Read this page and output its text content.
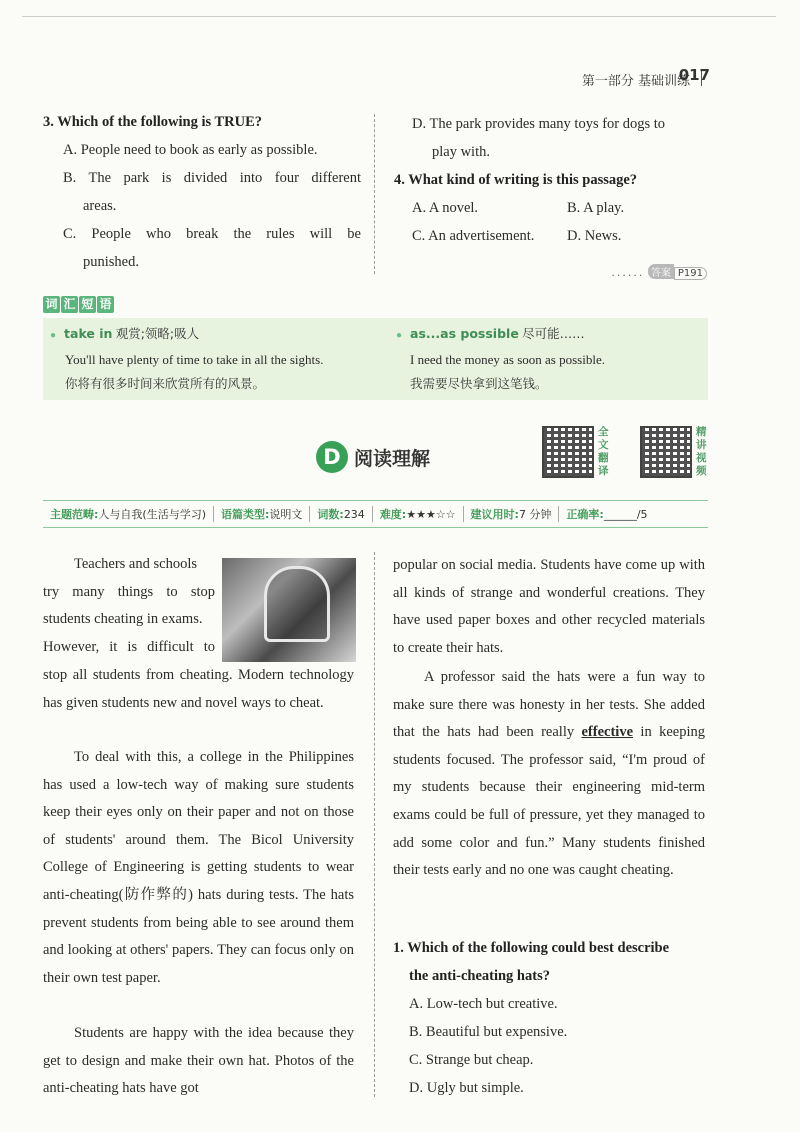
第一部分 基础训练
017
3. Which of the following is TRUE?
A. People need to book as early as possible.
B. The park is divided into four different
areas.
C. People who break the rules will be
punished.
D. The park provides many toys for dogs to
play with.
4. What kind of writing is this passage?
A. A novel.	B. A play.
C. An advertisement.	D. News.
...... 答案 P191
词 汇 短 语
● take in 观赏;领略;吸人
You'll have plenty of time to take in all the sights.
你将有很多时间来欣赏所有的风景。
● as...as possible 尽可能……
I need the money as soon as possible.
我需要尽快拿到这笔钱。
D 阅读理解
全
文
翻
译
精
讲
视
频
主题范畴:人与自我(生活与学习)	语篇类型:说明文	词数:234	难度:★★★☆☆	建议用时:7 分钟	正确率:______/5
Teachers and schools
try many things to stop
students cheating in exams.
However, it is difficult to
stop all students from cheating. Modern technology has given students new and novel ways to cheat.
To deal with this, a college in the Philippines has used a low-tech way of making sure students keep their eyes only on their paper and not on those of students' around them. The Bicol University College of Engineering is getting students to wear anti-cheating(防作弊的) hats during tests. The hats prevent students from being able to see around them and looking at others' papers. They can focus only on their own test paper.
Students are happy with the idea because they get to design and make their own hat. Photos of the anti-cheating hats have got
popular on social media. Students have come up with all kinds of strange and wonderful creations. They have used paper boxes and other recycled materials to create their hats.
A professor said the hats were a fun way to make sure there was honesty in her tests. She added that the hats had been really effective in keeping students focused. The professor said, “I'm proud of my students because their engineering mid-term exams could be full of pressure, yet they managed to add some color and fun.” Many students finished their tests early and no one was caught cheating.
1. Which of the following could best describe
the anti-cheating hats?
A. Low-tech but creative.
B. Beautiful but expensive.
C. Strange but cheap.
D. Ugly but simple.
